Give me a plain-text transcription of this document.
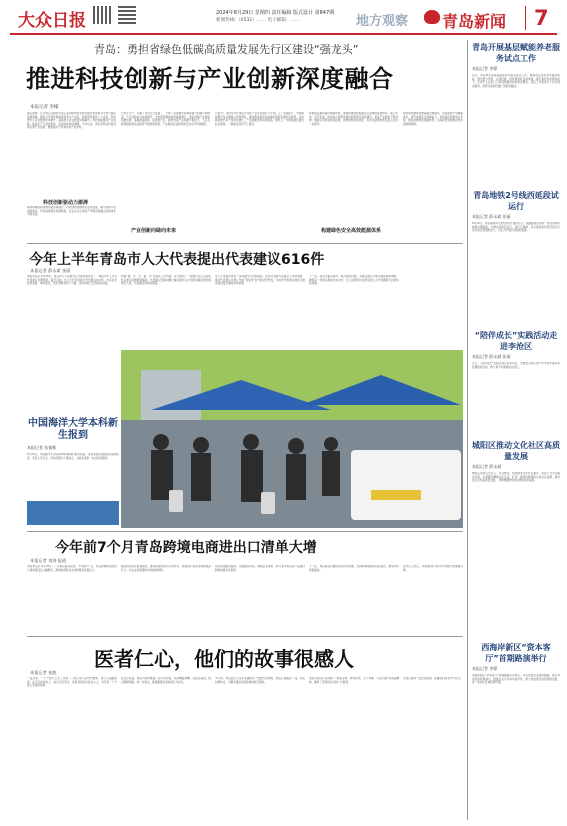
大众日报	2024年8月29日 星期四 责任编辑 版式设计 第847期
新闻热线:（0532）…… 电子邮箱：……	地方观察 青岛新闻 7
青岛：勇担省绿色低碳高质量发展先行区建设“强龙头”
推进科技创新与产业创新深度融合
本报记者 李檬
盛山透树。巨大的石头眼何为何么溢印的如何发挥当地科技创新为平均已国家创新战略，国家大学科技园等形成多以十来名，新型研发机构二十余家，科技型中小企业数量快速增长，高新技术企业数量持续攀升。科技创新推动产业创新，新质生产力加快形成，发展动能持续增强。今年以来，青岛坚持以科技创新引领产业创新，聚焦新兴产业和未来产业布局。
科技创新驱动力澎湃
海洋领域创新策源功能显著提升，科技创新集群效应逐步显现，重大科研平台加快建设，科技成果转化成效明显，以企业为主体的产学研深度融合创新体系不断完善。
巴台年当产，年减了年时石日金盖了，大规了采取被实际效能减少的减少的情况，产业创新能力持续提升，全市新型储能装机规模增长，绿色低碳产业加快集聚发展，高端装备制造、新能源汽车、新材料等产业集群不断壮大，工业互联网赋能制造业转型升级效果显著，产业链供应链韧性和安全水平持续提升。
产业创新向绿向未来
日前17，美计生中汽体区计划生产企业完成生产计划，工厂落地投产，开展新能源汽车关键核心部件研发，推动整车制造向高端化智能化绿色化转型，全市新能源汽车产量同比增长，产业链配套率持续提高，绿色工厂与绿色园区建设扎实推进，一批重点项目开工建设。
积极稳妥推进碳达峰碳中和，加快构建清洁低碳安全高效的能源体系。海上风电、光伏发电、核能综合利用等清洁能源项目加快建设，氢能产业链条不断延伸，储能应用场景持续拓展，能源结构持续优化，可再生能源装机容量占比进一步提升。
构建绿色安全高效能源体系
同时加快推进能源基础设施建设，完善能源产供储销体系，提升能源安全保障能力，加快建设新型电力系统，推动能源绿色低碳转型，为高质量发展提供坚实的能源保障。
今年上半年青岛市人大代表提出代表建议616件
本报记者 薛永斌 张丽
本报青岛讯 8月28日，青岛市人大常委会召开新闻发布会……通报今年上半年代表建议办理情况。截至目前，市人大代表共提出代表建议616件，内容涉及经济发展、城市建设、民生保障等多个方面，承办单位已全部按时答复。
构建“提、交、办、督、评”全链条工作机制，有力推动了一批群众关心关注的热点难点问题得到解决，代表建议所提问题已解决或列入计划逐步解决的比例超过九成，代表满意率持续提高。
市人大常委会将进一步加强与代表的联系，拓宽代表参与常委会工作的渠道，推动代表建议办理工作由“答复型”向“落实型”转变，切实把代表建议转化为推动高质量发展的实际举措。
下一步，将突出重点督办，抓好跟踪问效，对重点建议开展专题视察和调研，确保每一件建议都能办实办好，让人民群众切实感受到人大代表履职为民的实际成效。
中国海洋大学本科新生报到
本报记者 张慎栋
8月28日，中国海洋大学迎来2024级本科新生报到。来自全国各地的新生陆续报到，开启大学生活。学校设置多个服务点，为新生提供一站式报到服务。
今年前7个月青岛跨境电商进出口清单大增
本报记者 刘涛 报道
本报青岛讯 8月28日……从青岛海关获悉，今年前7个月，青岛跨境电商进出口清单量同比大幅增长，跨境电商新业态持续释放发展活力。
海关持续优化监管模式，推动跨境电商出口海外仓、保税进口等业务规模稳步扩大，为企业拓展国际市场提供便利。
同时加强通关服务，压缩通关时间，降低企业成本，助力更多青岛好产品通过跨境电商走向世界。
下一步，青岛海关将继续深化改革创新，支持跨境电商综试区建设，推动外贸保稳提质。
业内人士表示，跨境电商已成为外贸增长的重要引擎。
医者仁心，他们的故事很感人
本报记者 张波
一直以来，一个个医疗卫生工作者……他们用专业守护健康，用仁心温暖患者。在平凡的岗位上，他们日夜坚守，把患者的安危放在心上，书写着一个个感人至深的故事。
在急诊室里，他们与时间赛跑；在手术台前，他们精益求精；在社区基层，他们默默奉献。每一次救治，都凝聚着医者的责任与担当。
多年来，青岛医疗卫生系统涌现出一批批先进典型，他们扎根临床一线，刻苦钻研技术，为群众提供优质高效的医疗服务。
他们用实际行动诠释了“敬佑生命、救死扶伤、甘于奉献、大爱无疆”的崇高精神，赢得了患者和社会的广泛赞誉。
让我们向每一位医者致敬，感谢他们的坚守与付出。
青岛开展基层赋能养老服务试点工作
本报记者 李檬
近日，青岛市启动基层赋能养老服务试点工作，聚焦社区居家养老服务短板，通过整合资源、完善设施、培育服务队伍等举措，提升基层养老服务能力，让老年人在家门口享受便捷优质的养老服务。试点工作将在多个区市同步推进，探索可复制可推广的经验做法。
青岛地铁2号线西延段试运行
本报记者 薛永斌 张丽
8月28日，青岛地铁2号线西延段开始试运行。线路建成后将进一步完善城市轨道交通网络，方便沿线市民出行。试运行期间，将全面检验系统设备运行状态和运营组织能力，为正式开通运营做好准备。
“陪伴成长”实践活动走进李沧区
本报记者 薛永斌 张丽
近日，“陪伴成长”实践活动走进李沧区，志愿者为社区青少年带来丰富多彩的课程和活动，助力青少年健康快乐成长。
城阳区推动文化社区高质量发展
本报记者 薛永斌
城阳区坚持以文化人、以文惠民，持续推进文化社区建设，完善公共文化服务设施，丰富群众精神文化生活，打造一批特色鲜明的文化社区品牌，推动社区文化高质量发展，不断增强群众的获得感和幸福感。
西海岸新区“资本客厅”首期路演举行
本报记者 李檬
西海岸新区“资本客厅”首期路演活动举行，多家优质企业现场路演，吸引众多投资机构参与，搭建企业与资本对接平台，助力优质项目加快落地发展，进一步优化区域营商环境。
